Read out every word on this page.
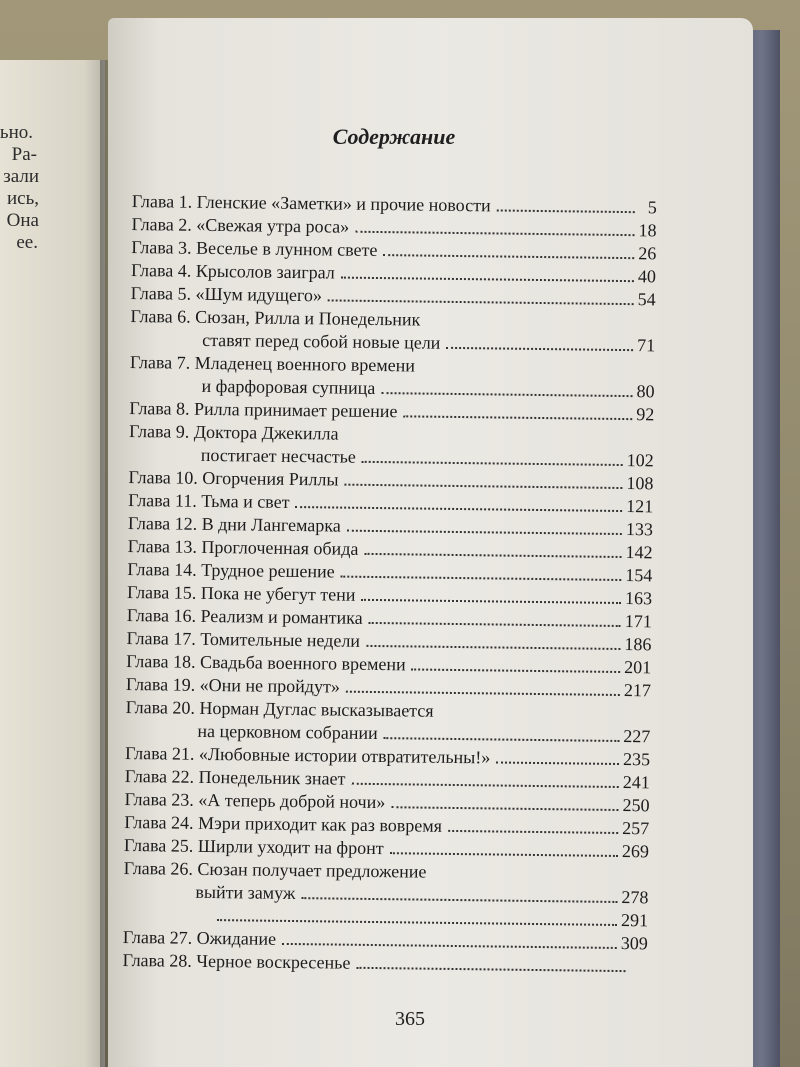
ьно.
Ра-
зали
ись,
Она
ее.
Содержание
Глава 1. Гленские «Заметки» и прочие новости	5
Глава 2. «Свежая утра роса»	18
Глава 3. Веселье в лунном свете	26
Глава 4. Крысолов заиграл	40
Глава 5. «Шум идущего»	54
Глава 6. Сюзан, Рилла и Понедельник
ставят перед собой новые цели	71
Глава 7. Младенец военного времени
и фарфоровая супница	80
Глава 8. Рилла принимает решение	92
Глава 9. Доктора Джекилла
постигает несчастье	102
Глава 10. Огорчения Риллы	108
Глава 11. Тьма и свет	121
Глава 12. В дни Лангемарка	133
Глава 13. Проглоченная обида	142
Глава 14. Трудное решение	154
Глава 15. Пока не убегут тени	163
Глава 16. Реализм и романтика	171
Глава 17. Томительные недели	186
Глава 18. Свадьба военного времени	201
Глава 19. «Они не пройдут»	217
Глава 20. Норман Дуглас высказывается
на церковном собрании	227
Глава 21. «Любовные истории отвратительны!»	235
Глава 22. Понедельник знает	241
Глава 23. «А теперь доброй ночи»	250
Глава 24. Мэри приходит как раз вовремя	257
Глава 25. Ширли уходит на фронт	269
Глава 26. Сюзан получает предложение
выйти замуж	278
291
Глава 27. Ожидание	309
Глава 28. Черное воскресенье
365
